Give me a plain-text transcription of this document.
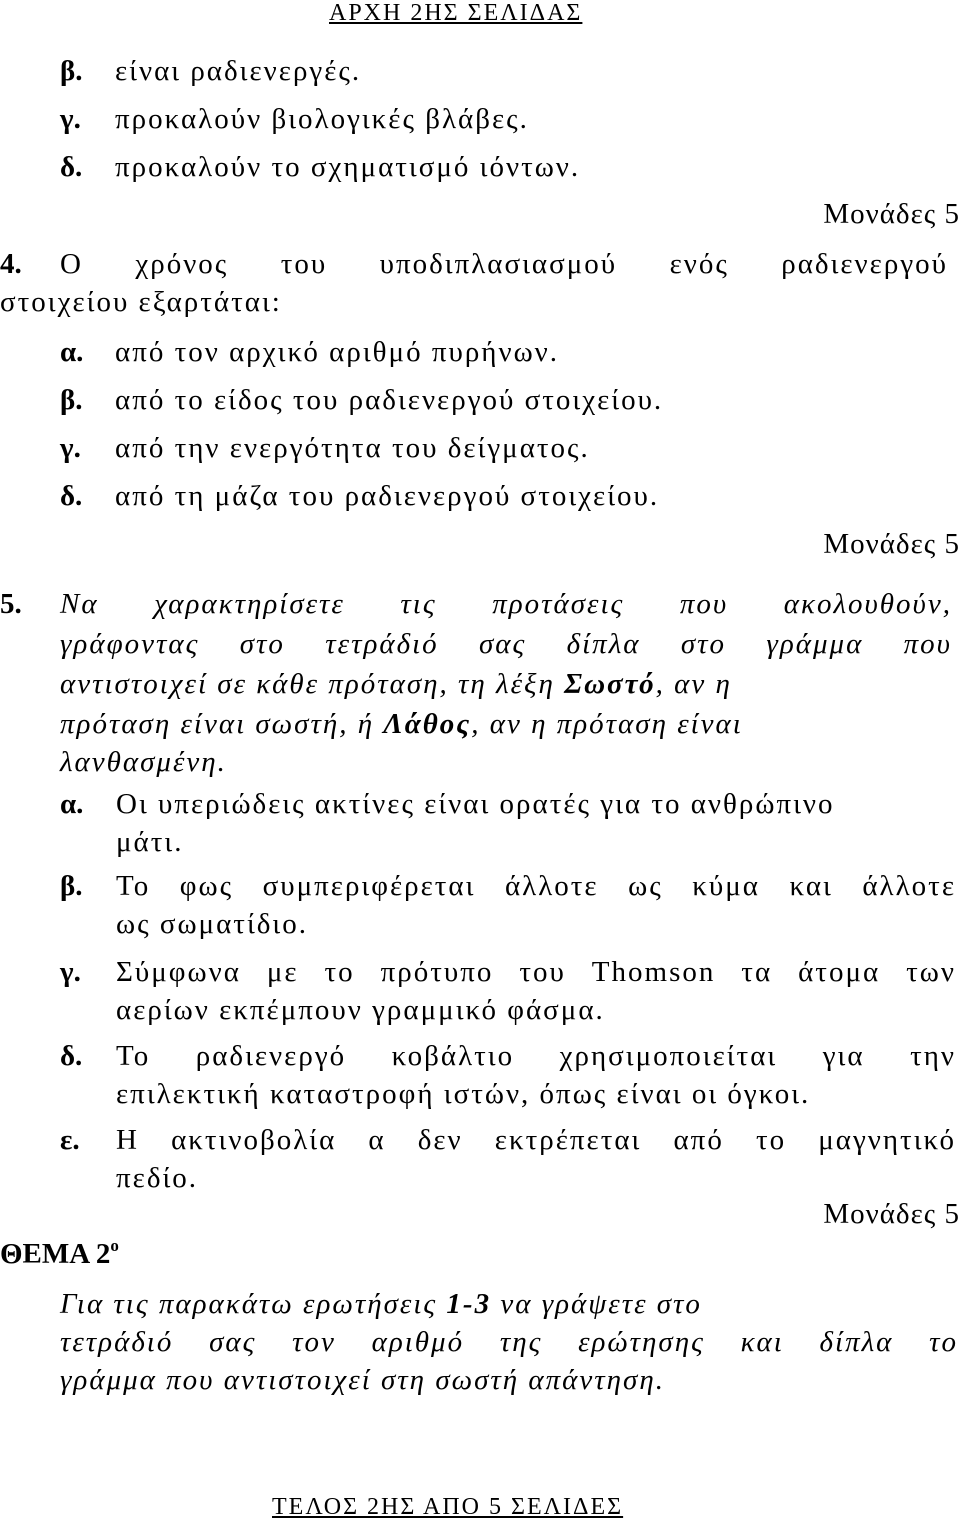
ΑΡΧΗ 2ΗΣ ΣΕΛΙΔΑΣ
β. είναι ραδιενεργές.
γ. προκαλούν βιολογικές βλάβες.
δ. προκαλούν το σχηματισμό ιόντων.
Μονάδες 5
4. Ο χρόνος του υποδιπλασιασμού ενός ραδιενεργού
στοιχείου εξαρτάται:
α. από τον αρχικό αριθμό πυρήνων.
β. από το είδος του ραδιενεργού στοιχείου.
γ. από την ενεργότητα του δείγματος.
δ. από τη μάζα του ραδιενεργού στοιχείου.
Μονάδες 5
5. Να χαρακτηρίσετε τις προτάσεις που ακολουθούν,
γράφοντας στο τετράδιό σας δίπλα στο γράμμα που
αντιστοιχεί σε κάθε πρόταση, τη λέξη Σωστό, αν η
πρόταση είναι σωστή, ή Λάθος, αν η πρόταση είναι
λανθασμένη.
α. Οι υπεριώδεις ακτίνες είναι ορατές για το ανθρώπινο
μάτι.
β. Το φως συμπεριφέρεται άλλοτε ως κύμα και άλλοτε
ως σωματίδιο.
γ. Σύμφωνα με το πρότυπο του Thomson τα άτομα των
αερίων εκπέμπουν γραμμικό φάσμα.
δ. Το ραδιενεργό κοβάλτιο χρησιμοποιείται για την
επιλεκτική καταστροφή ιστών, όπως είναι οι όγκοι.
ε. Η ακτινοβολία α δεν εκτρέπεται από το μαγνητικό
πεδίο.
Μονάδες 5
ΘΕΜΑ $2^o$
Για τις παρακάτω ερωτήσεις 1-3 να γράψετε στο
τετράδιό σας τον αριθμό της ερώτησης και δίπλα το
γράμμα που αντιστοιχεί στη σωστή απάντηση.
ΤΕΛΟΣ 2ΗΣ ΑΠΟ 5 ΣΕΛΙΔΕΣ
